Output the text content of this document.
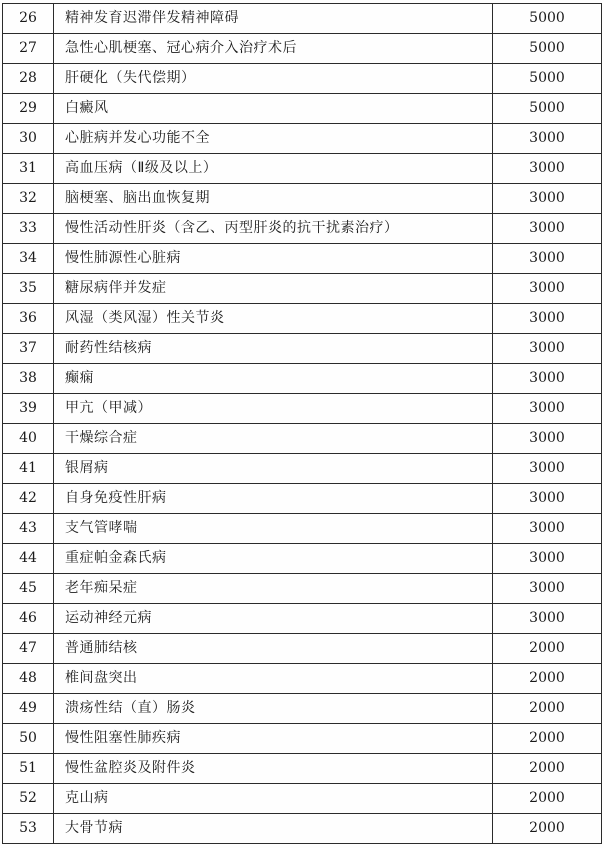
26	精神发育迟滞伴发精神障碍	5000
27	急性心肌梗塞、冠心病介入治疗术后	5000
28	肝硬化（失代偿期）	5000
29	白癜风	5000
30	心脏病并发心功能不全	3000
31	高血压病（Ⅱ级及以上）	3000
32	脑梗塞、脑出血恢复期	3000
33	慢性活动性肝炎（含乙、丙型肝炎的抗干扰素治疗）	3000
34	慢性肺源性心脏病	3000
35	糖尿病伴并发症	3000
36	风湿（类风湿）性关节炎	3000
37	耐药性结核病	3000
38	癫痫	3000
39	甲亢（甲减）	3000
40	干燥综合症	3000
41	银屑病	3000
42	自身免疫性肝病	3000
43	支气管哮喘	3000
44	重症帕金森氏病	3000
45	老年痴呆症	3000
46	运动神经元病	3000
47	普通肺结核	2000
48	椎间盘突出	2000
49	溃疡性结（直）肠炎	2000
50	慢性阻塞性肺疾病	2000
51	慢性盆腔炎及附件炎	2000
52	克山病	2000
53	大骨节病	2000
